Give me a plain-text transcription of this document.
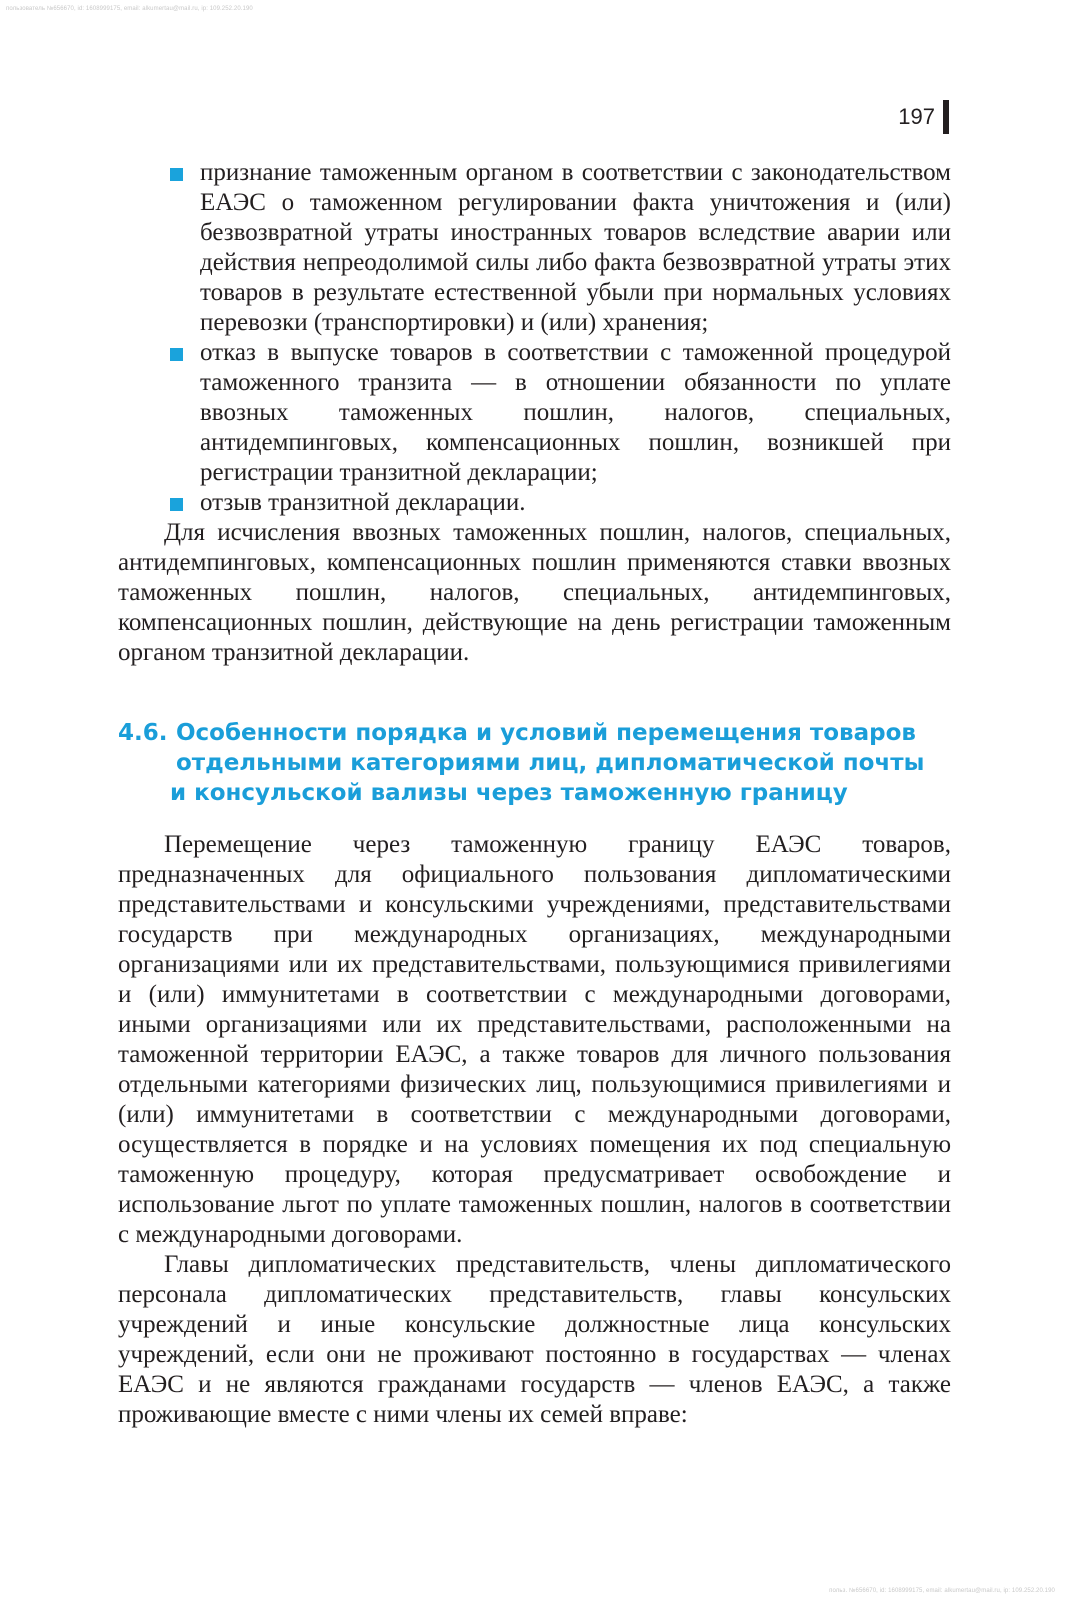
пользователь №656670, id: 1608999175, email: alkumertau@mail.ru, ip: 109.252.20.190
197
признание таможенным органом в соответствии с законодательством ЕАЭС о таможенном регулировании факта уничтожения и (или) безвозвратной утраты иностранных товаров вследствие аварии или действия непреодолимой силы либо факта безвозвратной утраты этих товаров в результате естественной убыли при нормальных условиях перевозки (транспортировки) и (или) хранения;
отказ в выпуске товаров в соответствии с таможенной процедурой таможенного транзита — в отношении обязанности по уплате ввозных таможенных пошлин, налогов, специальных, антидемпинговых, компенсационных пошлин, возникшей при регистрации транзитной декларации;
отзыв транзитной декларации.

Для исчисления ввозных таможенных пошлин, налогов, специальных, антидемпинговых, компенсационных пошлин применяются ставки ввозных таможенных пошлин, налогов, специальных, антидемпинговых, компенсационных пошлин, действующие на день регистрации таможенным органом транзитной декларации.

4.6. Особенности порядка и условий перемещения товаров
отдельными категориями лиц, дипломатической почты
и консульской вализы через таможенную границу

Перемещение через таможенную границу ЕАЭС товаров, предназначенных для официального пользования дипломатическими представительствами и консульскими учреждениями, представительствами государств при международных организациях, международными организациями или их представительствами, пользующимися привилегиями и (или) иммунитетами в соответствии с международными договорами, иными организациями или их представительствами, расположенными на таможенной территории ЕАЭС, а также товаров для личного пользования отдельными категориями физических лиц, пользующимися привилегиями и (или) иммунитетами в соответствии с международными договорами, осуществляется в порядке и на условиях помещения их под специальную таможенную процедуру, которая предусматривает освобождение и использование льгот по уплате таможенных пошлин, налогов в соответствии с международными договорами.

Главы дипломатических представительств, члены дипломатического персонала дипломатических представительств, главы консульских учреждений и иные консульские должностные лица консульских учреждений, если они не проживают постоянно в государствах — членах ЕАЭС и не являются гражданами государств — членов ЕАЭС, а также проживающие вместе с ними члены их семей вправе:

польз. №656670, id: 1608999175, email: alkumertau@mail.ru, ip: 109.252.20.190
